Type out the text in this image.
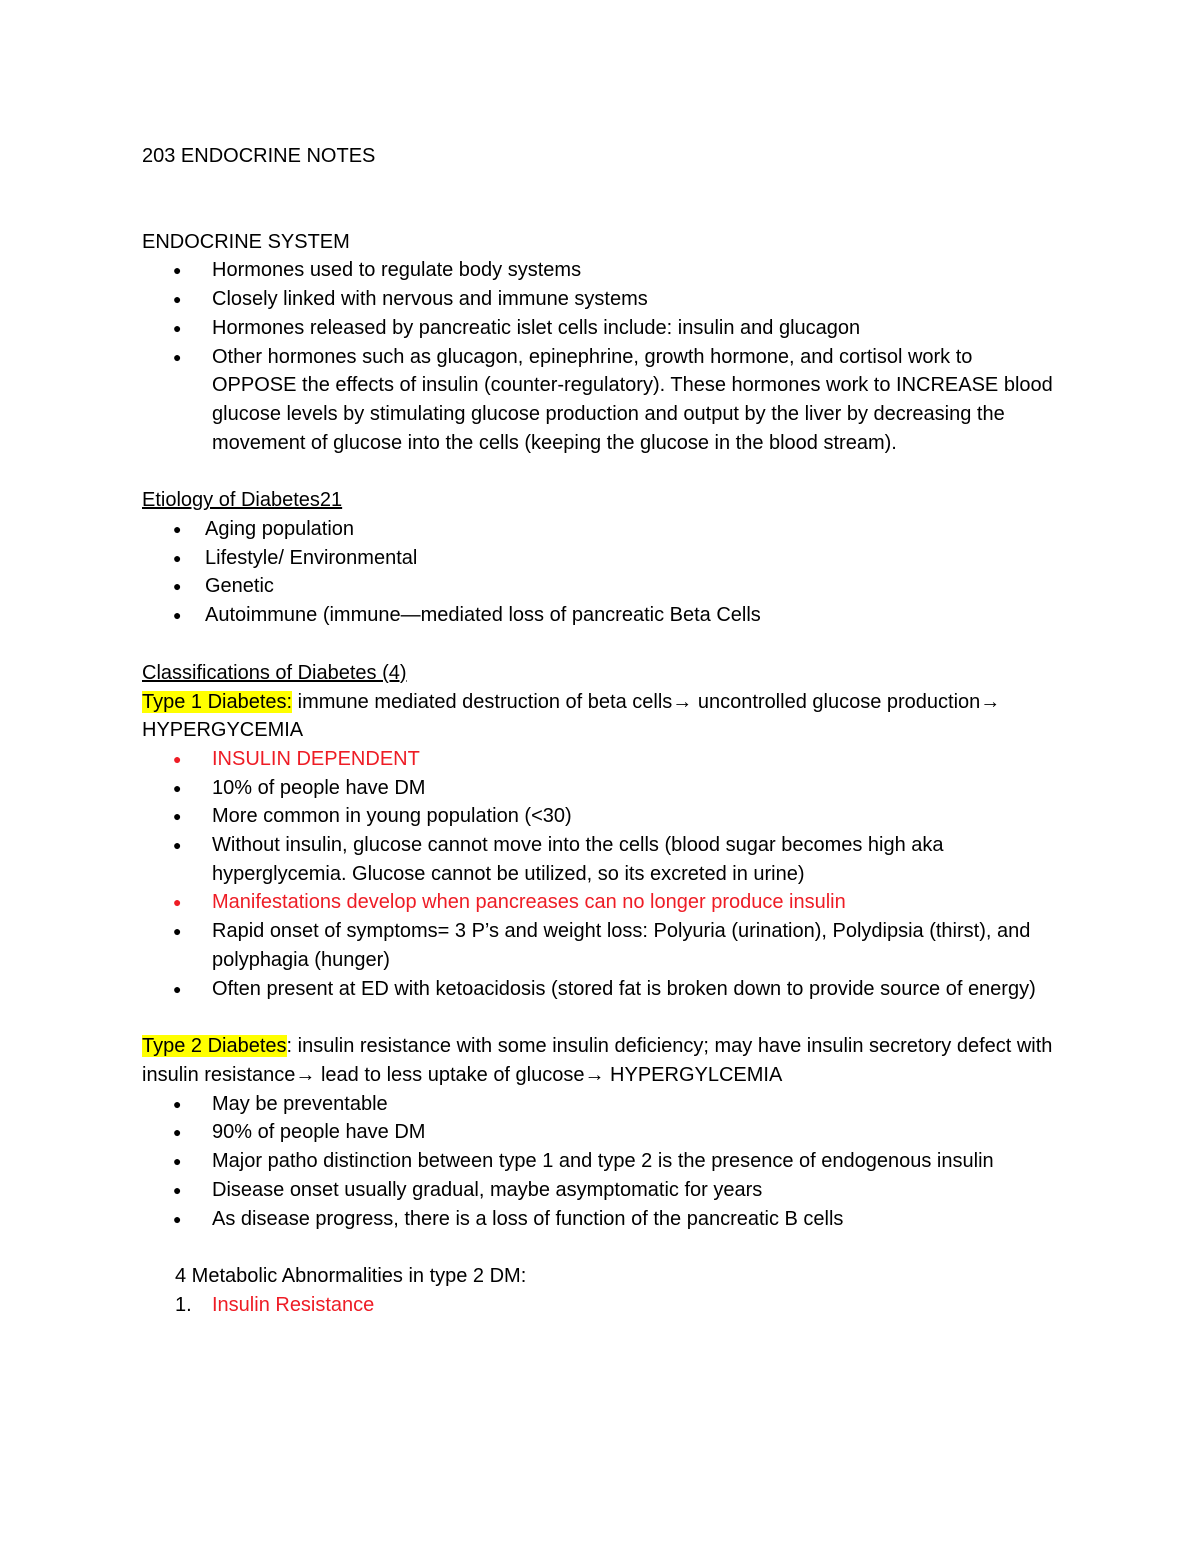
203 ENDOCRINE NOTES

ENDOCRINE SYSTEM

● Hormones used to regulate body systems
● Closely linked with nervous and immune systems
● Hormones released by pancreatic islet cells include: insulin and glucagon
● Other hormones such as glucagon, epinephrine, growth hormone, and cortisol work to OPPOSE the effects of insulin (counter-regulatory). These hormones work to INCREASE blood glucose levels by stimulating glucose production and output by the liver by decreasing the movement of glucose into the cells (keeping the glucose in the blood stream).

Etiology of Diabetes21

● Aging population
● Lifestyle/ Environmental
● Genetic
● Autoimmune (immune—mediated loss of pancreatic Beta Cells

Classifications of Diabetes (4)

Type 1 Diabetes: immune mediated destruction of beta cells→ uncontrolled glucose production→ HYPERGYCEMIA

● INSULIN DEPENDENT
● 10% of people have DM
● More common in young population (<30)
● Without insulin, glucose cannot move into the cells (blood sugar becomes high aka hyperglycemia. Glucose cannot be utilized, so its excreted in urine)
● Manifestations develop when pancreases can no longer produce insulin
● Rapid onset of symptoms= 3 P’s and weight loss: Polyuria (urination), Polydipsia (thirst), and polyphagia (hunger)
● Often present at ED with ketoacidosis (stored fat is broken down to provide source of energy)

Type 2 Diabetes: insulin resistance with some insulin deficiency; may have insulin secretory defect with insulin resistance→ lead to less uptake of glucose→ HYPERGYLCEMIA

● May be preventable
● 90% of people have DM
● Major patho distinction between type 1 and type 2 is the presence of endogenous insulin
● Disease onset usually gradual, maybe asymptomatic for years
● As disease progress, there is a loss of function of the pancreatic B cells

4 Metabolic Abnormalities in type 2 DM:

1. Insulin Resistance
